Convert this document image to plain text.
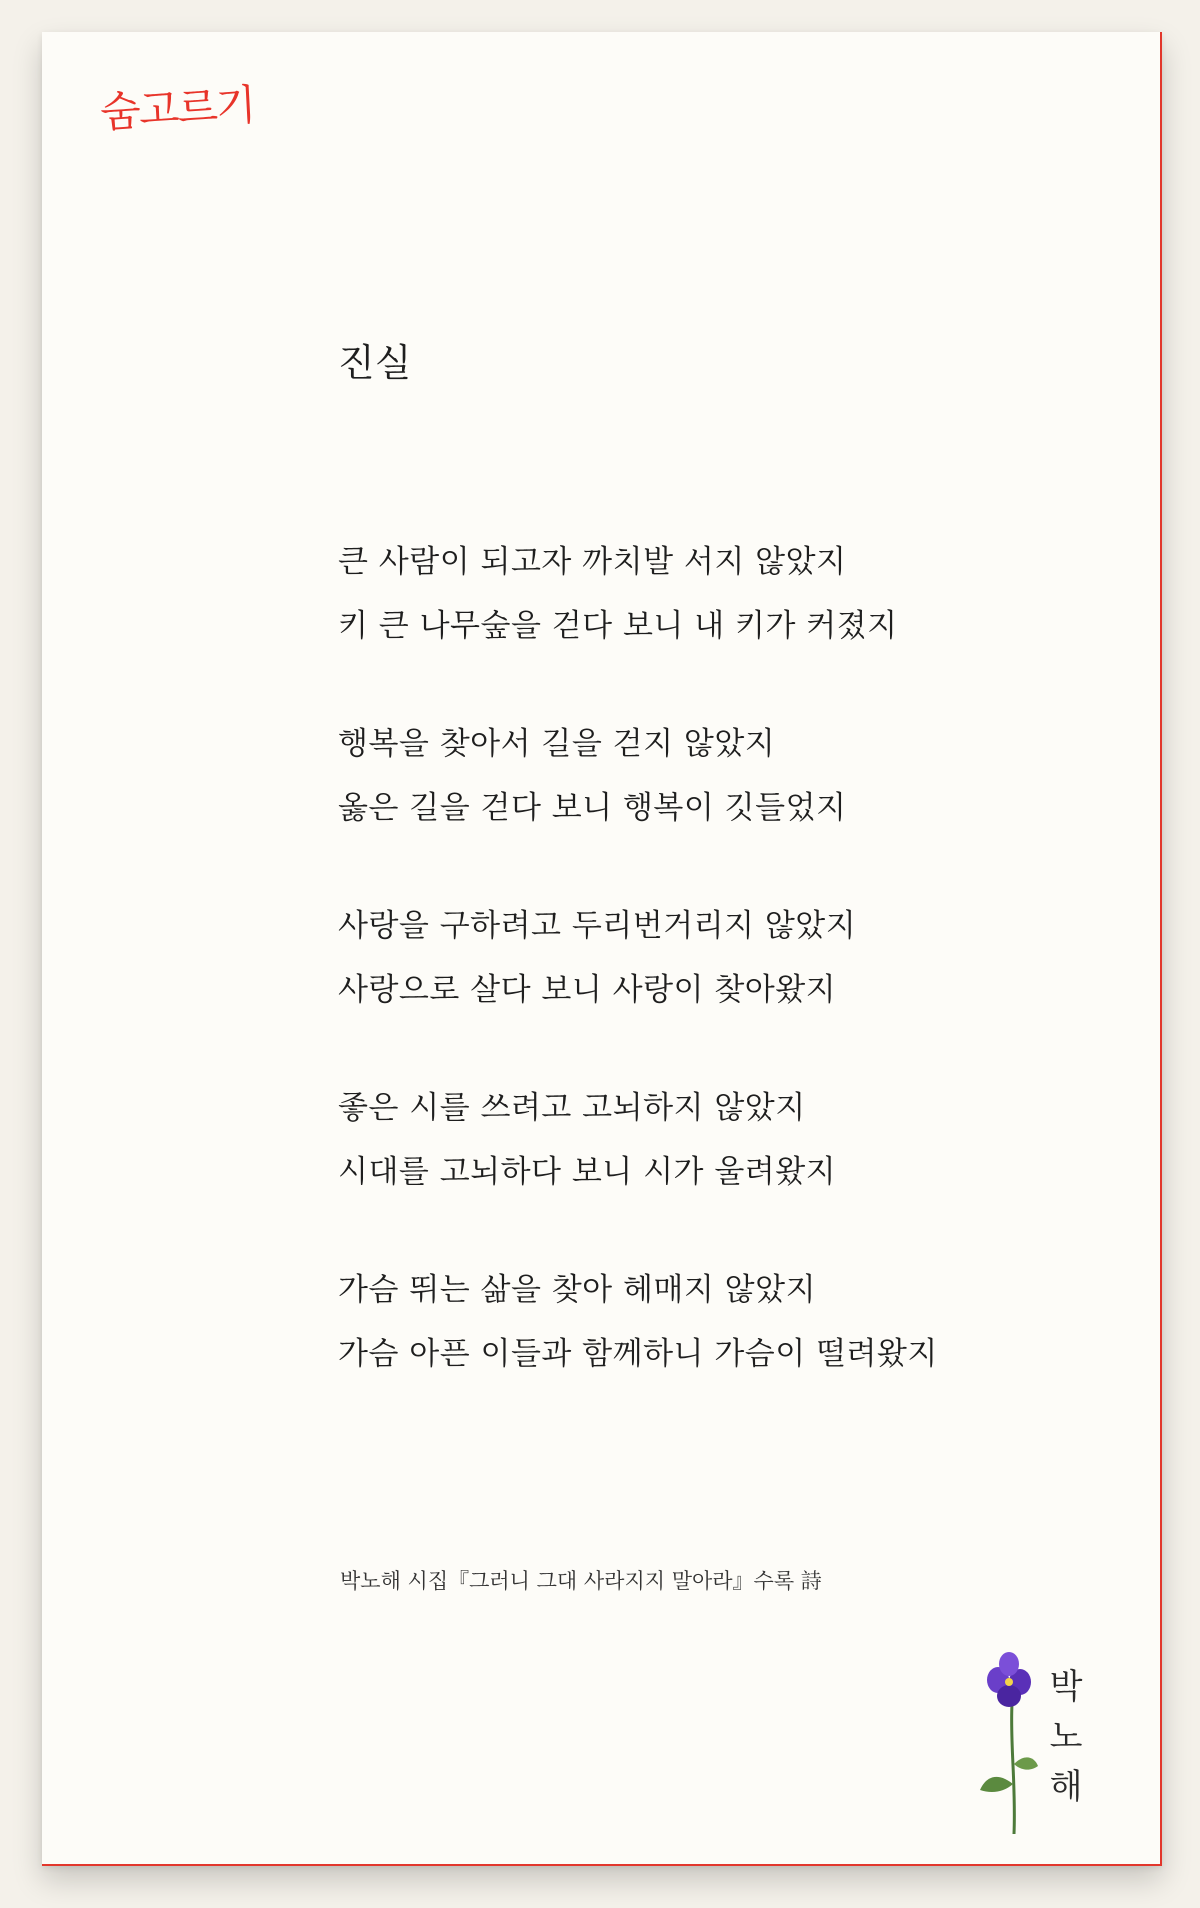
숨고르기
진실
큰 사람이 되고자 까치발 서지 않았지
키 큰 나무숲을 걷다 보니 내 키가 커졌지
행복을 찾아서 길을 걷지 않았지
옳은 길을 걷다 보니 행복이 깃들었지
사랑을 구하려고 두리번거리지 않았지
사랑으로 살다 보니 사랑이 찾아왔지
좋은 시를 쓰려고 고뇌하지 않았지
시대를 고뇌하다 보니 시가 울려왔지
가슴 뛰는 삶을 찾아 헤매지 않았지
가슴 아픈 이들과 함께하니 가슴이 떨려왔지
박노해 시집『그러니 그대 사라지지 말아라』수록 詩
박
노
해
